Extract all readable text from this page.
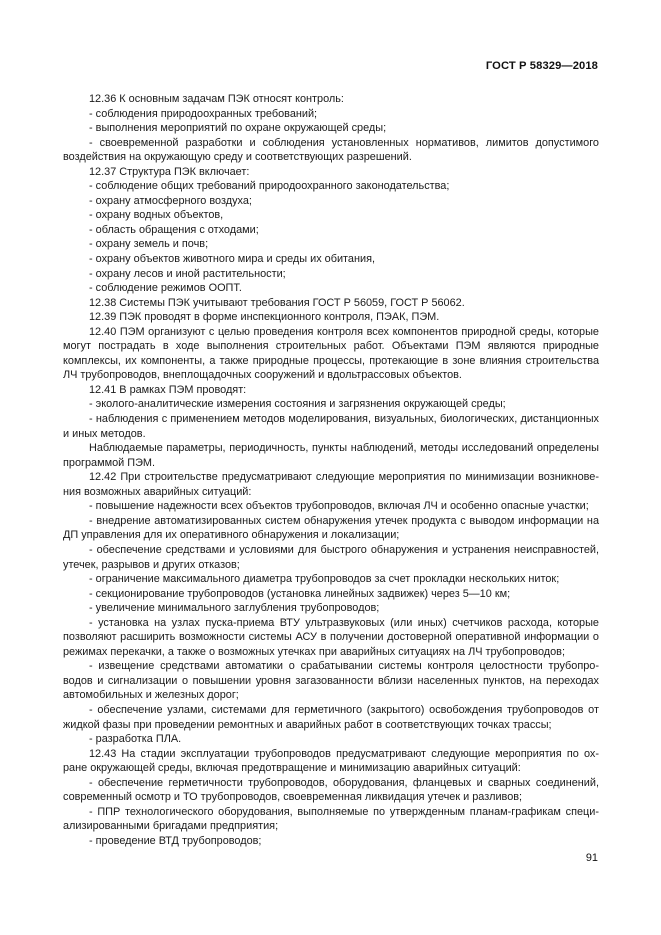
ГОСТ Р 58329—2018

12.36 К основным задачам ПЭК относят контроль:

- соблюдения природоохранных требований;

- выполнения мероприятий по охране окружающей среды;

- своевременной разработки и соблюдения установленных нормативов, лимитов допустимого воздействия на окружающую среду и соответствующих разрешений.

12.37 Структура ПЭК включает:

- соблюдение общих требований природоохранного законодательства;

- охрану атмосферного воздуха;

- охрану водных объектов,

- область обращения с отходами;

- охрану земель и почв;

- охрану объектов животного мира и среды их обитания,

- охрану лесов и иной растительности;

- соблюдение режимов ООПТ.

12.38 Системы ПЭК учитывают требования ГОСТ Р 56059, ГОСТ Р 56062.

12.39 ПЭК проводят в форме инспекционного контроля, ПЭАК, ПЭМ.

12.40 ПЭМ организуют с целью проведения контроля всех компонентов природной среды, которые могут пострадать в ходе выполнения строительных работ. Объектами ПЭМ являются природные комплексы, их компоненты, а также природные процессы, протекающие в зоне влияния строительства ЛЧ трубопроводов, внеплощадочных сооружений и вдольтрассовых объектов.

12.41 В рамках ПЭМ проводят:

- эколого-аналитические измерения состояния и загрязнения окружающей среды;

- наблюдения с применением методов моделирования, визуальных, биологических, дистанционных и иных методов.

Наблюдаемые параметры, периодичность, пункты наблюдений, методы исследований определены программой ПЭМ.

12.42 При строительстве предусматривают следующие мероприятия по минимизации возникновения возможных аварийных ситуаций:

- повышение надежности всех объектов трубопроводов, включая ЛЧ и особенно опасные участки;

- внедрение автоматизированных систем обнаружения утечек продукта с выводом информации на ДП управления для их оперативного обнаружения и локализации;

- обеспечение средствами и условиями для быстрого обнаружения и устранения неисправностей, утечек, разрывов и других отказов;

- ограничение максимального диаметра трубопроводов за счет прокладки нескольких ниток;

- секционирование трубопроводов (установка линейных задвижек) через 5—10 км;

- увеличение минимального заглубления трубопроводов;

- установка на узлах пуска-приема ВТУ ультразвуковых (или иных) счетчиков расхода, которые позволяют расширить возможности системы АСУ в получении достоверной оперативной информации о режимах перекачки, а также о возможных утечках при аварийных ситуациях на ЛЧ трубопроводов;

- извещение средствами автоматики о срабатывании системы контроля целостности трубопроводов и сигнализации о повышении уровня загазованности вблизи населенных пунктов, на переходах автомобильных и железных дорог;

- обеспечение узлами, системами для герметичного (закрытого) освобождения трубопроводов от жидкой фазы при проведении ремонтных и аварийных работ в соответствующих точках трассы;

- разработка ПЛА.

12.43 На стадии эксплуатации трубопроводов предусматривают следующие мероприятия по охране окружающей среды, включая предотвращение и минимизацию аварийных ситуаций:

- обеспечение герметичности трубопроводов, оборудования, фланцевых и сварных соединений, современный осмотр и ТО трубопроводов, своевременная ликвидация утечек и разливов;

- ППР технологического оборудования, выполняемые по утвержденным планам-графикам специализированными бригадами предприятия;

- проведение ВТД трубопроводов;

91
